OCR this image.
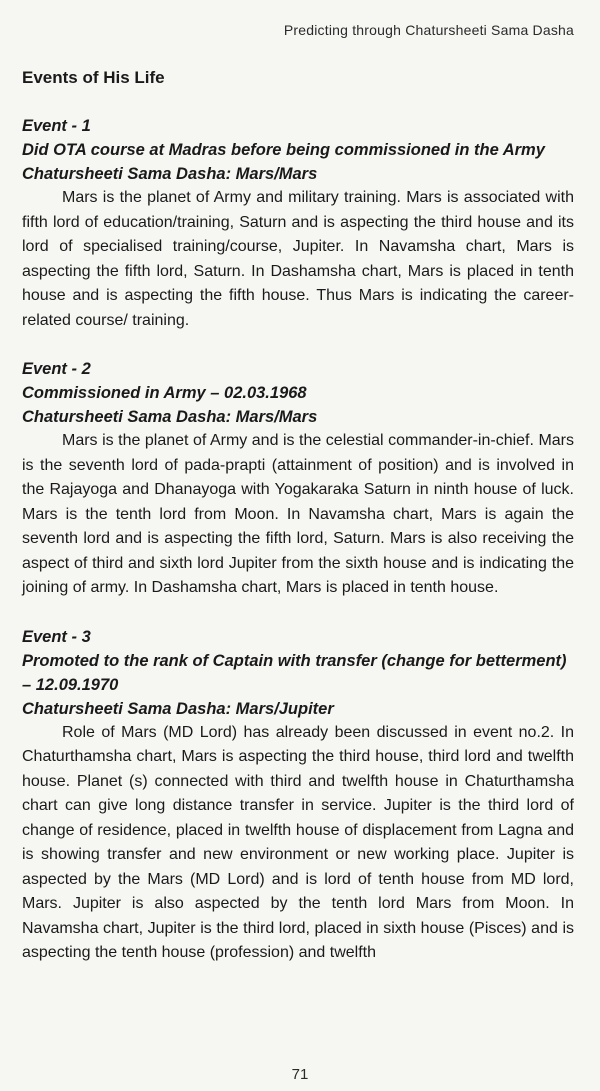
Predicting through Chatursheeti Sama Dasha
Events of His Life

Event - 1

Did OTA course at Madras before being commissioned in the Army

Chatursheeti Sama Dasha: Mars/Mars

Mars is the planet of Army and military training. Mars is associated with fifth lord of education/training, Saturn and is aspecting the third house and its lord of specialised training/course, Jupiter. In Navamsha chart, Mars is aspecting the fifth lord, Saturn. In Dashamsha chart, Mars is placed in tenth house and is aspecting the fifth house. Thus Mars is indicating the career-related course/ training.

Event - 2

Commissioned in Army – 02.03.1968

Chatursheeti Sama Dasha: Mars/Mars

Mars is the planet of Army and is the celestial commander-in-chief. Mars is the seventh lord of pada-prapti (attainment of position) and is involved in the Rajayoga and Dhanayoga with Yogakaraka Saturn in ninth house of luck. Mars is the tenth lord from Moon. In Navamsha chart, Mars is again the seventh lord and is aspecting the fifth lord, Saturn. Mars is also receiving the aspect of third and sixth lord Jupiter from the sixth house and is indicating the joining of army. In Dashamsha chart, Mars is placed in tenth house.

Event - 3

Promoted to the rank of Captain with transfer (change for betterment) – 12.09.1970

Chatursheeti Sama Dasha: Mars/Jupiter

Role of Mars (MD Lord) has already been discussed in event no.2. In Chaturthamsha chart, Mars is aspecting the third house, third lord and twelfth house. Planet (s) connected with third and twelfth house in Chaturthamsha chart can give long distance transfer in service. Jupiter is the third lord of change of residence, placed in twelfth house of displacement from Lagna and is showing transfer and new environment or new working place. Jupiter is aspected by the Mars (MD Lord) and is lord of tenth house from MD lord, Mars. Jupiter is also aspected by the tenth lord Mars from Moon. In Navamsha chart, Jupiter is the third lord, placed in sixth house (Pisces) and is aspecting the tenth house (profession) and twelfth

71
